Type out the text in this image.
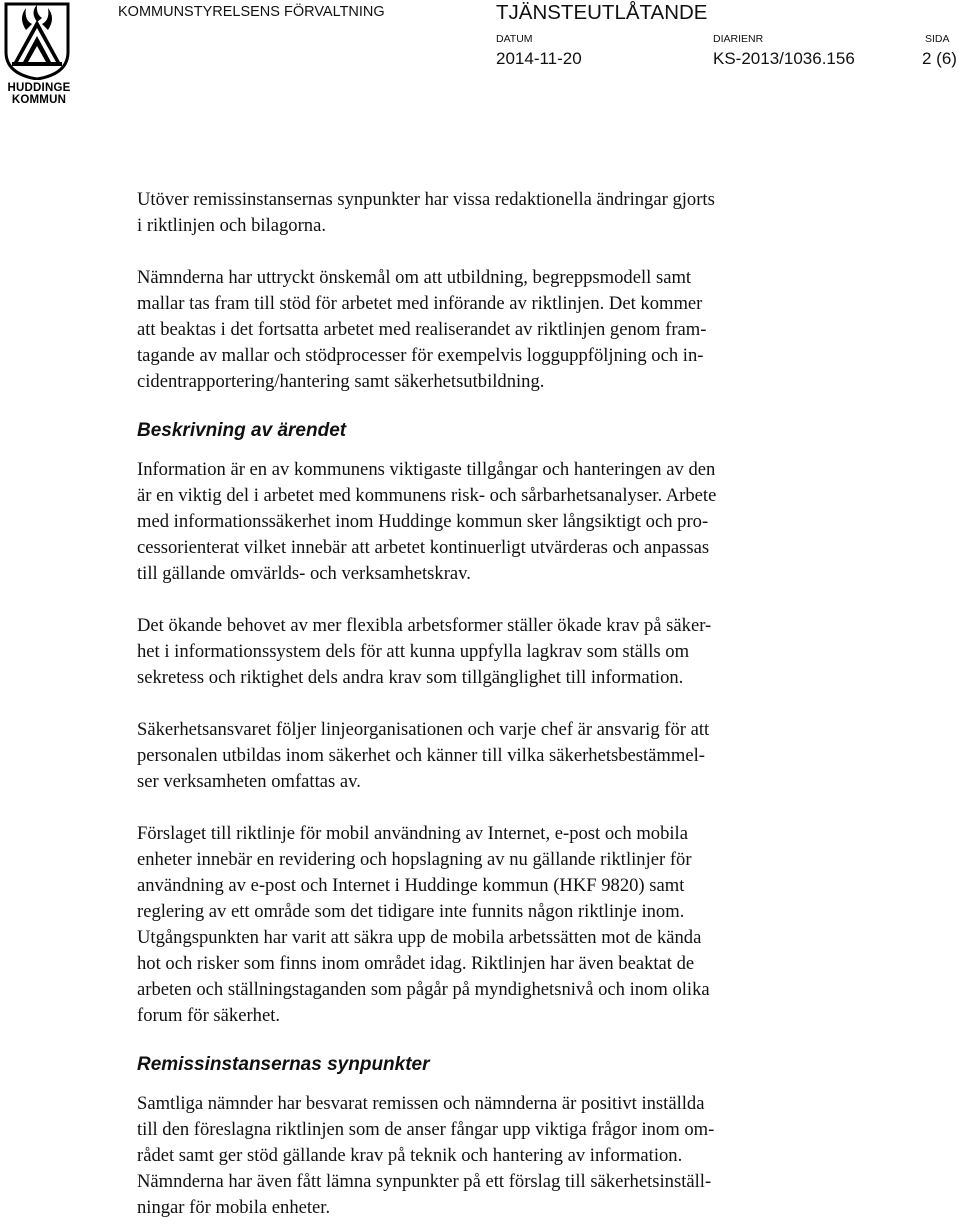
HUDDINGE
KOMMUN
KOMMUNSTYRELSENS FÖRVALTNING	TJÄNSTEUTLÅTANDE
DATUM	DIARIENR	SIDA
2014-11-20	KS-2013/1036.156	2 (6)

Utöver remissinstansernas synpunkter har vissa redaktionella ändringar gjorts

i riktlinjen och bilagorna.

Nämnderna har uttryckt önskemål om att utbildning, begreppsmodell samt

mallar tas fram till stöd för arbetet med införande av riktlinjen. Det kommer

att beaktas i det fortsatta arbetet med realiserandet av riktlinjen genom fram-

tagande av mallar och stödprocesser för exempelvis logguppföljning och in-

cidentrapportering/hantering samt säkerhetsutbildning.

Beskrivning av ärendet

Information är en av kommunens viktigaste tillgångar och hanteringen av den

är en viktig del i arbetet med kommunens risk- och sårbarhetsanalyser. Arbete

med informationssäkerhet inom Huddinge kommun sker långsiktigt och pro-

cessorienterat vilket innebär att arbetet kontinuerligt utvärderas och anpassas

till gällande omvärlds- och verksamhetskrav.

Det ökande behovet av mer flexibla arbetsformer ställer ökade krav på säker-

het i informationssystem dels för att kunna uppfylla lagkrav som ställs om

sekretess och riktighet dels andra krav som tillgänglighet till information.

Säkerhetsansvaret följer linjeorganisationen och varje chef är ansvarig för att

personalen utbildas inom säkerhet och känner till vilka säkerhetsbestämmel-

ser verksamheten omfattas av.

Förslaget till riktlinje för mobil användning av Internet, e-post och mobila

enheter innebär en revidering och hopslagning av nu gällande riktlinjer för

användning av e-post och Internet i Huddinge kommun (HKF 9820) samt

reglering av ett område som det tidigare inte funnits någon riktlinje inom.

Utgångspunkten har varit att säkra upp de mobila arbetssätten mot de kända

hot och risker som finns inom området idag. Riktlinjen har även beaktat de

arbeten och ställningstaganden som pågår på myndighetsnivå och inom olika

forum för säkerhet.

Remissinstansernas synpunkter

Samtliga nämnder har besvarat remissen och nämnderna är positivt inställda

till den föreslagna riktlinjen som de anser fångar upp viktiga frågor inom om-

rådet samt ger stöd gällande krav på teknik och hantering av information.

Nämnderna har även fått lämna synpunkter på ett förslag till säkerhetsinställ-

ningar för mobila enheter.
